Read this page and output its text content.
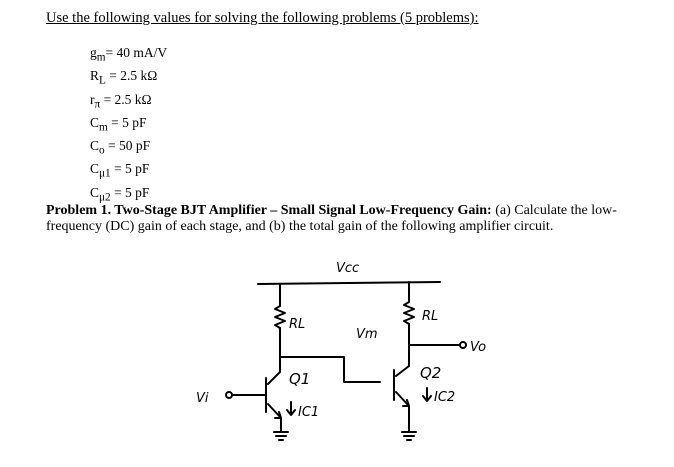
Use the following values for solving the following problems (5 problems):
$g_m= 40$ mA/V
$R_L = 2.5$ kΩ
$r_\pi = 2.5$ kΩ
$C_m = 5$ pF
$C_o = 50$ pF
$C_{\mu 1} = 5$ pF
$C_{\mu 2} = 5$ pF
Problem 1. Two-Stage BJT Amplifier – Small Signal Low-Frequency Gain: (a) Calculate the low-frequency (DC) gain of each stage, and (b) the total gain of the following amplifier circuit.
Vcc
RL
RL
Vm
Vo
Q1	Q2
Vi
IC1
IC2
